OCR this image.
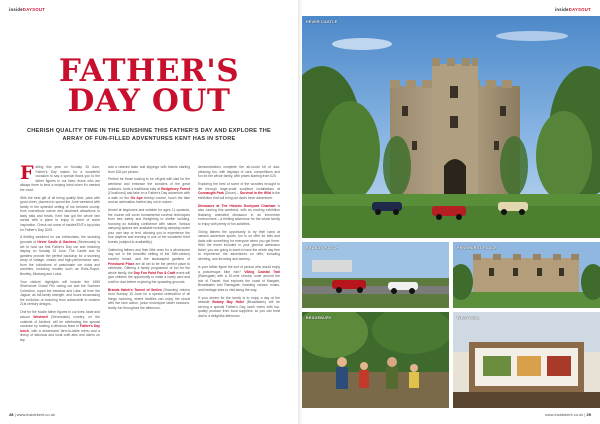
insideDAYSOUT
FATHER'S
DAY OUT
CHERISH QUALITY TIME IN THE SUNSHINE THIS FATHER'S DAY AND EXPLORE THE ARRAY OF FUN-FILLED ADVENTURES KENT HAS IN STORE

Falling this year on Sunday 15 June, Father's Day makes for a wonderful occasion to say a special thank you to the father figures in our lives; those who are always there to lend a helping hand when it's needed the most.

With the best gift of all being quality time, pack with good cheer, planned to spend the June weekend with family in the splendid setting of our beloved county, from marvellous nature and landmark attractions to tasty eats and treats, Kent has got the whole fam sorted with a place to enjoy in need of some inspiration. Check out some of insideKENT's top picks for Father's Day 2025.

A thrilling weekend for car enthusiasts, the stunning grounds of Hever Castle & Gardens (Sevenoaks) is set to host our first Father's Day car and motoring display on Sunday 15 June. The Castle and its gardens provide the perfect backdrop for a stunning array of vintage, classic and high-performance cars, from the collections of passionate car clubs and societies, including models such as Rolls-Royce, Bentley, Mustang and Lotus.

Your visitors' highlights will include the 1950 Silverstone Grand Prix racing car and the Summer Collection, roped the meadow and Lake, all from the Jaguar, as full-family strength, and hours showcasing the evolution of motoring from automobile to modern 21st century designs.

One for the foodie father figures in our lives, taste and savour Westwell (Sevenoaks) country, on the outskirts of Ashford, will be celebrating the special occasion by hosting a delicious feast of Father's Day lunch, with a wholesome farm-to-table menu and a lineup of fabulous and local craft ales and ciders on tap.

add a relaxed taste and sippings with tickets starting from £26 per person.

Perfect for those looking to be off-grid with dad for the weekend and embrace the wonders of the great outdoors, book a traditional stay at Bedgebury Forest (Goudhurst) and take on a Father's Day adventure with a walk on the Go Ape treetop course, touch the lake and an adrenaline-fuelled day out in nature.

Aimed at beginners and suitable for ages 11 upwards, the course will cover fundamental survival techniques from tree safety and firelighting to shelter building, focusing on building confidence with nature. Various camping spaces are available including camping under your own tarp or tent, allowing you to experience the true daytime and evening in one of the wonderful Kent forests (subject to availability).

Gathering fathers and their little ones for a wholesome day out in the beautiful setting of the 18th-century country house, and the landscaped gardens of Penshurst Place are all set to be the perfect place to celebrate. Offering a family programme of fun for the whole family, the Day Fun Paint Fun & Craft event will give children the opportunity to make a lovely card and craft for dad before exploring the sprawling grounds.

Brands Hatch's Tunnel of Smiles (Swanley) returns from Sunday 15 June for a special celebration of all things motoring, where families can enjoy the circuit with live race action, junior motorsport taster sessions, family fun throughout the afternoon.

demonstrations complete the all-round hit of dad-pleasing fun, with displays of cars, competitions and fun for the whole family, with prices starting from £25.

Exploring the best of some of the wonders brought to life through large-scale sculpture installations at Connaught Park (Dover) – Survival in the Wild is the exhibition that will bring out dad's inner adventurer.

Dinosaurs at The Historic Dockyard Chatham is also running this weekend, with an exciting exhibition featuring animated dinosaurs in an immersive environment – a thrilling adventure for the whole family to enjoy with plenty of fun activities.

Giving fathers the opportunity to try their hand at various adventure sports, fun is on offer for kids and dads with something for everyone when you get there. With the event included in your general admission ticket, you are going to want to have the whole day free to experience the adventures on offer, including climbing, axe-throwing and archery.

Is your father figure the sort of person who would enjoy a picturesque bike ride? Viking Coastal Trail (Ramsgate) with a 32-mile circular route around the Isle of Thanet, that explores the coast of Margate, Broadstairs and Ramsgate, boasting various routes, and heritage sites to visit along the way.

If your dream for the family is to enjoy a day at the seaside Botany Bay Hotel (Broadstairs) will be serving a special Father's Day lunch menu with top-quality produce from local suppliers, so you can treat dad to a delightful afternoon.

28 | www.insidekent.co.uk
insideDAYSOUT
HEVER CASTLE
BRANDS HATCH	PENSHURST PLACE
BEDGEBURY	WESTWELL
www.insidekent.co.uk | 29
